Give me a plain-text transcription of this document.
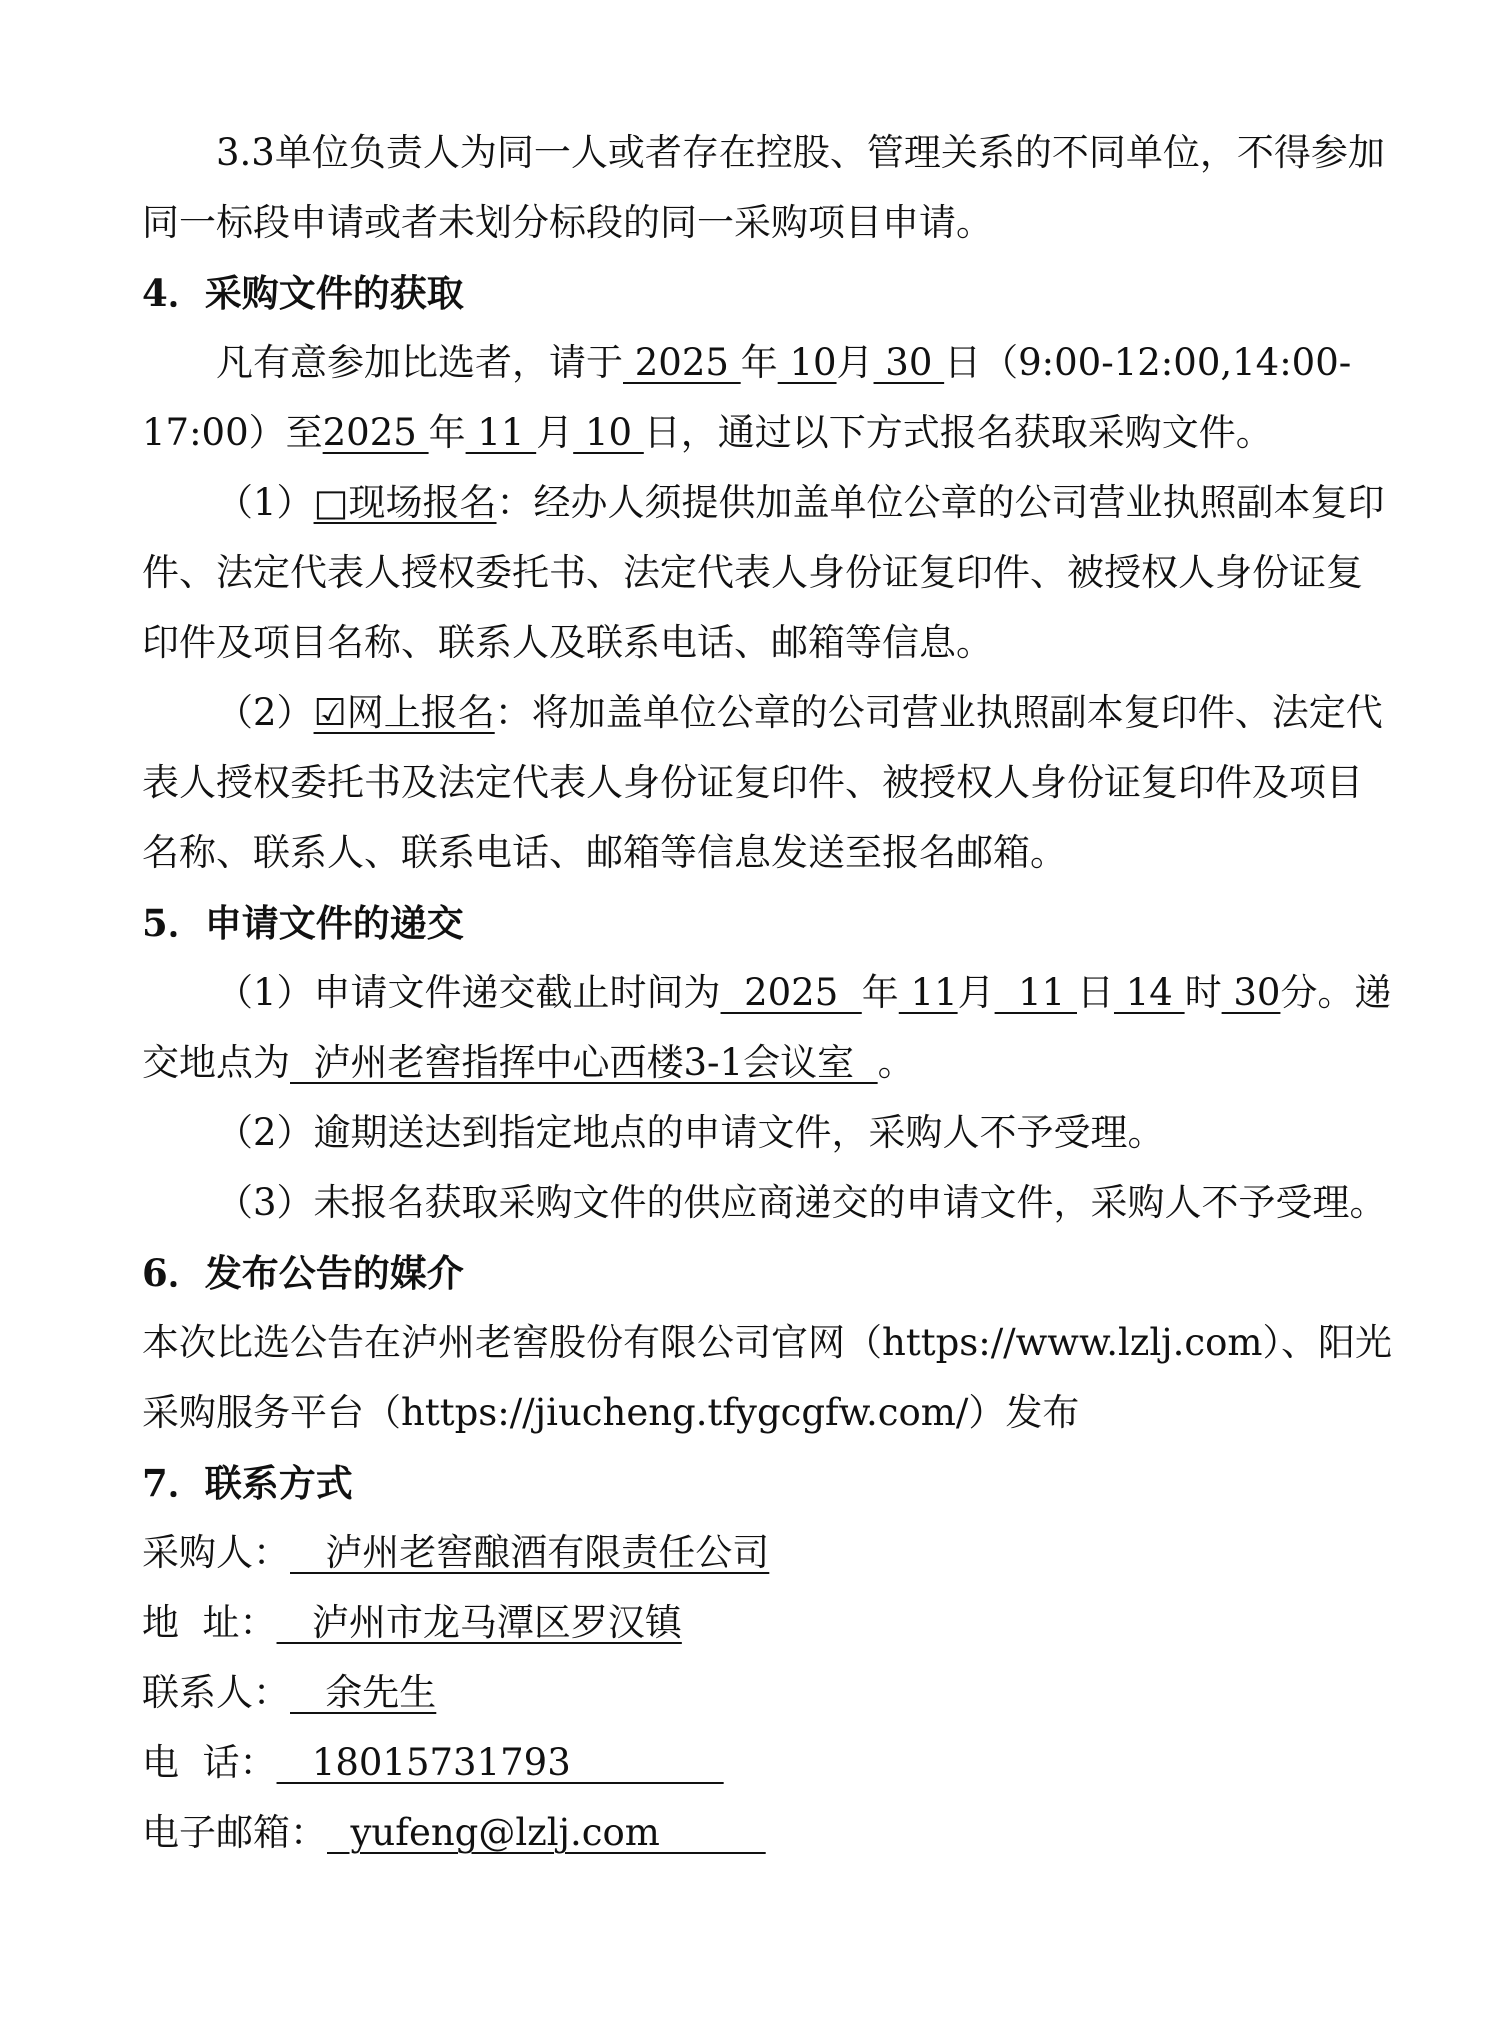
3.3单位负责人为同一人或者存在控股、管理关系的不同单位，不得参加同一标段申请或者未划分标段的同一采购项目申请。

4．采购文件的获取

凡有意参加比选者，请于 2025 年 10月 30 日（9:00-12:00,14:00-17:00）至2025 年 11 月 10 日，通过以下方式报名获取采购文件。

（1）□现场报名：经办人须提供加盖单位公章的公司营业执照副本复印件、法定代表人授权委托书、法定代表人身份证复印件、被授权人身份证复印件及项目名称、联系人及联系电话、邮箱等信息。

（2）☑网上报名：将加盖单位公章的公司营业执照副本复印件、法定代表人授权委托书及法定代表人身份证复印件、被授权人身份证复印件及项目名称、联系人、联系电话、邮箱等信息发送至报名邮箱。

5．申请文件的递交

（1）申请文件递交截止时间为  2025  年 11月  11 日 14 时 30分。递交地点为  泸州老窖指挥中心西楼3-1会议室  。

（2）逾期送达到指定地点的申请文件，采购人不予受理。

（3）未报名获取采购文件的供应商递交的申请文件，采购人不予受理。

6．发布公告的媒介

本次比选公告在泸州老窖股份有限公司官网（https://www.lzlj.com）、阳光采购服务平台（https://jiucheng.tfygcgfw.com/）发布

7．联系方式

采购人：   泸州老窖酿酒有限责任公司

地  址：   泸州市龙马潭区罗汉镇

联系人：   余先生

电  话：   18015731793

电子邮箱：  yufeng@lzlj.com
